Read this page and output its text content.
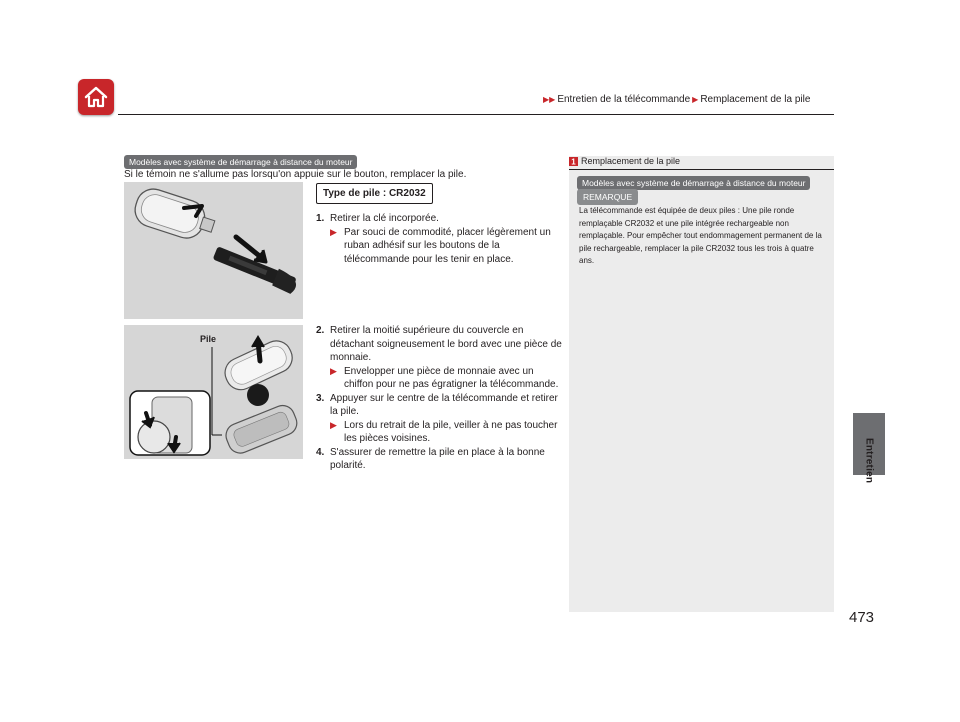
▶▶ Entretien de la télécommande ▶ Remplacement de la pile
Entretien
473
Modèles avec système de démarrage à distance du moteur
Si le témoin ne s'allume pas lorsqu'on appuie sur le bouton, remplacer la pile.
Type de pile : CR2032
Pile
1. Retirer la clé incorporée.
▶ Par souci de commodité, placer légèrement un ruban adhésif sur les boutons de la télécommande pour les tenir en place.
2. Retirer la moitié supérieure du couvercle en détachant soigneusement le bord avec une pièce de monnaie.
▶ Envelopper une pièce de monnaie avec un chiffon pour ne pas égratigner la télécommande.
3. Appuyer sur le centre de la télécommande et retirer la pile.
▶ Lors du retrait de la pile, veiller à ne pas toucher les pièces voisines.
4. S'assurer de remettre la pile en place à la bonne polarité.
1 Remplacement de la pile
Modèles avec système de démarrage à distance du moteur
REMARQUE
La télécommande est équipée de deux piles : Une pile ronde remplaçable CR2032 et une pile intégrée rechargeable non remplaçable. Pour empêcher tout endommagement permanent de la pile rechargeable, remplacer la pile CR2032 tous les trois à quatre ans.
